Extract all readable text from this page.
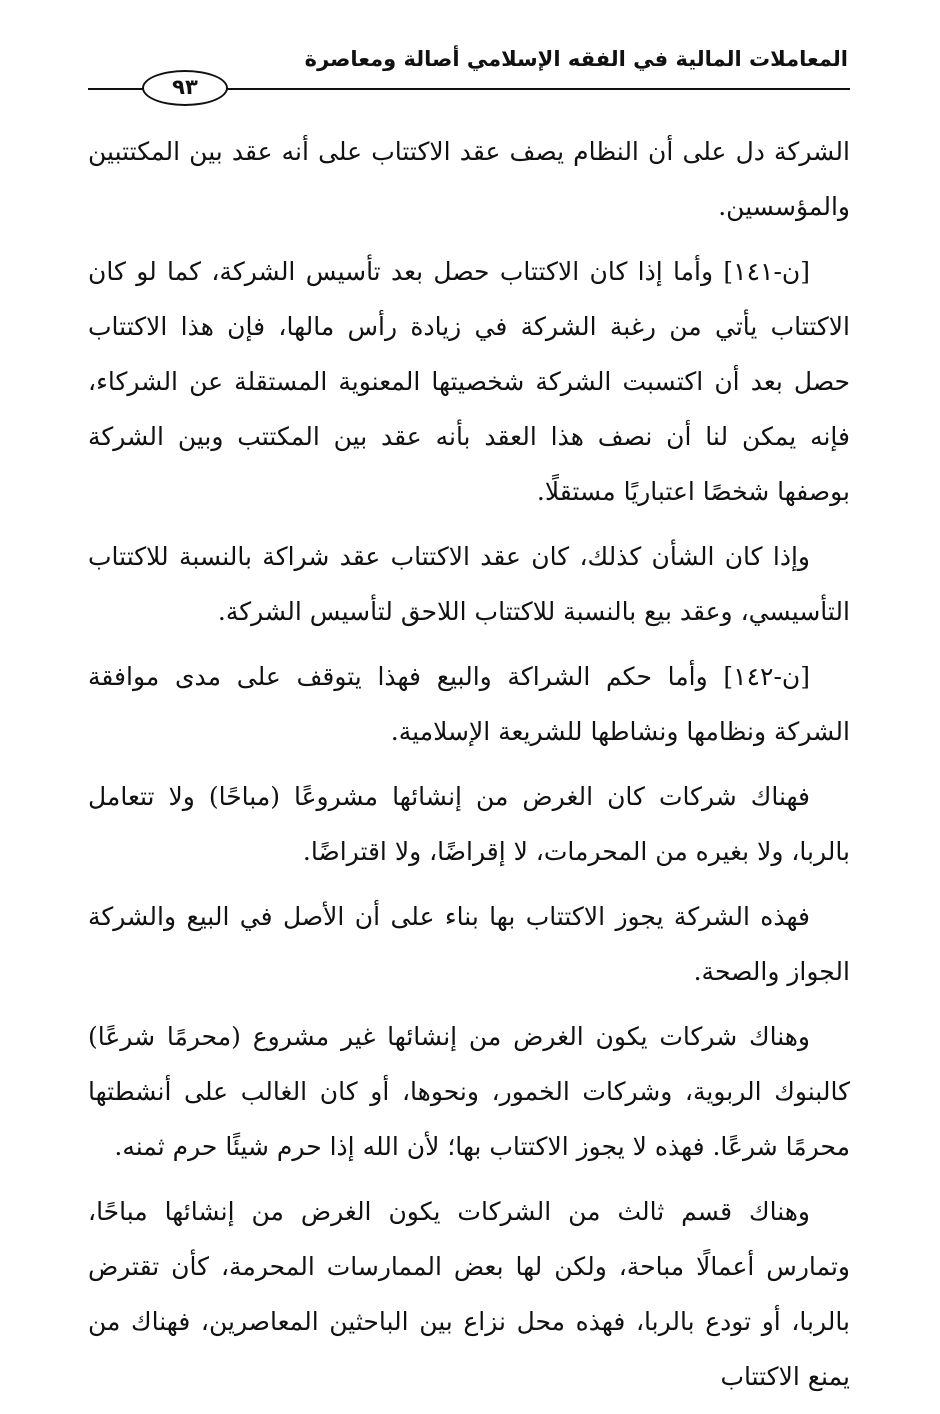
المعاملات المالية في الفقه الإسلامي أصالة ومعاصرة
٩٣

الشركة دل على أن النظام يصف عقد الاكتتاب على أنه عقد بين المكتتبين والمؤسسين.

[ن-١٤١] وأما إذا كان الاكتتاب حصل بعد تأسيس الشركة، كما لو كان الاكتتاب يأتي من رغبة الشركة في زيادة رأس مالها، فإن هذا الاكتتاب حصل بعد أن اكتسبت الشركة شخصيتها المعنوية المستقلة عن الشركاء، فإنه يمكن لنا أن نصف هذا العقد بأنه عقد بين المكتتب وبين الشركة بوصفها شخصًا اعتباريًا مستقلًا.

وإذا كان الشأن كذلك، كان عقد الاكتتاب عقد شراكة بالنسبة للاكتتاب التأسيسي، وعقد بيع بالنسبة للاكتتاب اللاحق لتأسيس الشركة.

[ن-١٤٢] وأما حكم الشراكة والبيع فهذا يتوقف على مدى موافقة الشركة ونظامها ونشاطها للشريعة الإسلامية.

فهناك شركات كان الغرض من إنشائها مشروعًا (مباحًا) ولا تتعامل بالربا، ولا بغيره من المحرمات، لا إقراضًا، ولا اقتراضًا.

فهذه الشركة يجوز الاكتتاب بها بناء على أن الأصل في البيع والشركة الجواز والصحة.

وهناك شركات يكون الغرض من إنشائها غير مشروع (محرمًا شرعًا) كالبنوك الربوية، وشركات الخمور، ونحوها، أو كان الغالب على أنشطتها محرمًا شرعًا. فهذه لا يجوز الاكتتاب بها؛ لأن الله إذا حرم شيئًا حرم ثمنه.

وهناك قسم ثالث من الشركات يكون الغرض من إنشائها مباحًا، وتمارس أعمالًا مباحة، ولكن لها بعض الممارسات المحرمة، كأن تقترض بالربا، أو تودع بالربا، فهذه محل نزاع بين الباحثين المعاصرين، فهناك من يمنع الاكتتاب
